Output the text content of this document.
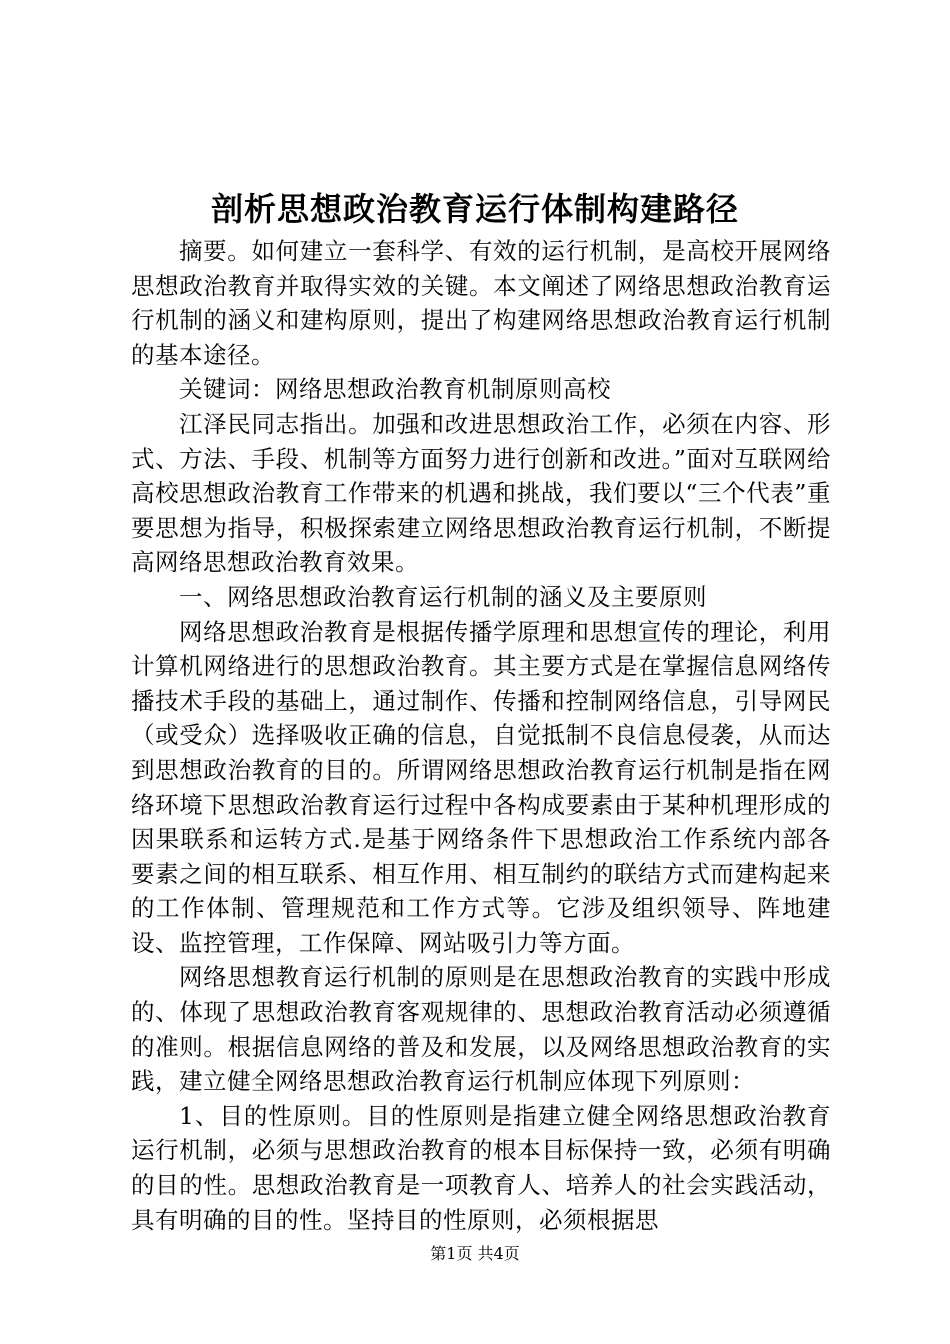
剖析思想政治教育运行体制构建路径

摘要。如何建立一套科学、有效的运行机制，是高校开展网络思想政治教育并取得实效的关键。本文阐述了网络思想政治教育运行机制的涵义和建构原则，提出了构建网络思想政治教育运行机制的基本途径。

关键词：网络思想政治教育机制原则高校

江泽民同志指出。加强和改进思想政治工作，必须在内容、形式、方法、手段、机制等方面努力进行创新和改进。”面对互联网给高校思想政治教育工作带来的机遇和挑战，我们要以“三个代表”重要思想为指导，积极探索建立网络思想政治教育运行机制，不断提高网络思想政治教育效果。

一、网络思想政治教育运行机制的涵义及主要原则

网络思想政治教育是根据传播学原理和思想宣传的理论，利用计算机网络进行的思想政治教育。其主要方式是在掌握信息网络传播技术手段的基础上，通过制作、传播和控制网络信息，引导网民（或受众）选择吸收正确的信息，自觉抵制不良信息侵袭，从而达到思想政治教育的目的。所谓网络思想政治教育运行机制是指在网络环境下思想政治教育运行过程中各构成要素由于某种机理形成的因果联系和运转方式.是基于网络条件下思想政治工作系统内部各要素之间的相互联系、相互作用、相互制约的联结方式而建构起来的工作体制、管理规范和工作方式等。它涉及组织领导、阵地建设、监控管理，工作保障、网站吸引力等方面。

网络思想教育运行机制的原则是在思想政治教育的实践中形成的、体现了思想政治教育客观规律的、思想政治教育活动必须遵循的准则。根据信息网络的普及和发展，以及网络思想政治教育的实践，建立健全网络思想政治教育运行机制应体现下列原则：

1、目的性原则。目的性原则是指建立健全网络思想政治教育运行机制，必须与思想政治教育的根本目标保持一致，必须有明确的目的性。思想政治教育是一项教育人、培养人的社会实践活动，具有明确的目的性。坚持目的性原则，必须根据思

第1页 共4页
